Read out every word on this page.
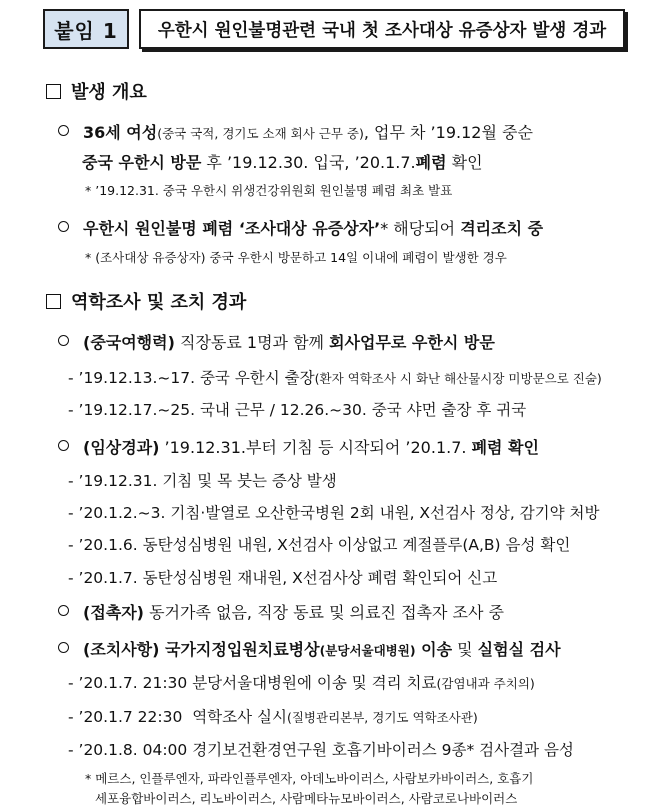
붙임 1	우한시 원인불명관련 국내 첫 조사대상 유증상자 발생 경과
발생 개요
36세 여성(중국 국적, 경기도 소재 회사 근무 중), 업무 차 ’19.12월 중순
중국 우한시 방문 후 ’19.12.30. 입국, ’20.1.7.폐렴 확인
* ’19.12.31. 중국 우한시 위생건강위원회 원인불명 폐렴 최초 발표
우한시 원인불명 폐렴 ‘조사대상 유증상자’* 해당되어 격리조치 중
* (조사대상 유증상자) 중국 우한시 방문하고 14일 이내에 폐렴이 발생한 경우
역학조사 및 조치 경과
(중국여행력) 직장동료 1명과 함께 회사업무로 우한시 방문
- ’19.12.13.~17. 중국 우한시 출장(환자 역학조사 시 화난 해산물시장 미방문으로 진술)
- ’19.12.17.~25. 국내 근무 / 12.26.~30. 중국 샤먼 출장 후 귀국
(임상경과) ’19.12.31.부터 기침 등 시작되어 ’20.1.7. 폐렴 확인
- ’19.12.31. 기침 및 목 붓는 증상 발생
- ’20.1.2.~3. 기침·발열로 오산한국병원 2회 내원, X선검사 정상, 감기약 처방
- ’20.1.6. 동탄성심병원 내원, X선검사 이상없고 계절플루(A,B) 음성 확인
- ’20.1.7. 동탄성심병원 재내원, X선검사상 폐렴 확인되어 신고
(접촉자) 동거가족 없음, 직장 동료 및 의료진 접촉자 조사 중
(조치사항) 국가지정입원치료병상(분당서울대병원) 이송 및 실험실 검사
- ’20.1.7. 21:30 분당서울대병원에 이송 및 격리 치료(감염내과 주치의)
- ’20.1.7 22:30  역학조사 실시(질병관리본부, 경기도 역학조사관)
- ’20.1.8. 04:00 경기보건환경연구원 호흡기바이러스 9종* 검사결과 음성
* 메르스, 인플루엔자, 파라인플루엔자, 아데노바이러스, 사람보카바이러스, 호흡기
세포융합바이러스, 리노바이러스, 사람메타뉴모바이러스, 사람코로나바이러스
